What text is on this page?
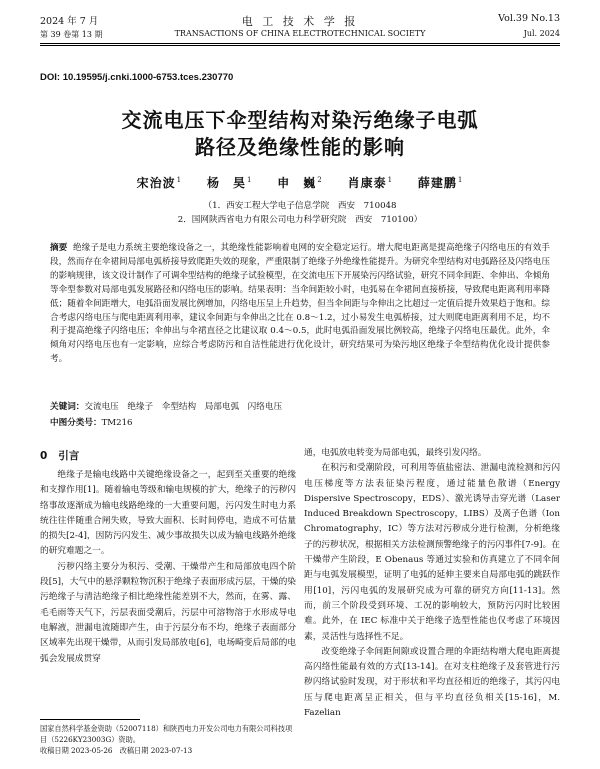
2024 年 7 月	电 工 技 术 学 报	Vol.39 No.13
第 39 卷第 13 期	TRANSACTIONS OF CHINA ELECTROTECHNICAL SOCIETY	Jul. 2024
DOI: 10.19595/j.cnki.1000-6753.tces.230770
交流电压下伞型结构对染污绝缘子电弧
路径及绝缘性能的影响
宋治波$^1$ 杨　昊$^1$ 申　巍$^2$ 肖康泰$^1$ 薛建鹏$^1$
（1．西安工程大学电子信息学院　西安　710048
2．国网陕西省电力有限公司电力科学研究院　西安　710100）
摘要 绝缘子是电力系统主要绝缘设备之一，其绝缘性能影响着电网的安全稳定运行。增大爬电距离是提高绝缘子闪络电压的有效手段，然而存在伞裙间局部电弧桥接导致爬距失效的现象，严重限制了绝缘子外绝缘性能提升。为研究伞型结构对电弧路径及闪络电压的影响规律，该文设计制作了可调伞型结构的绝缘子试验模型，在交流电压下开展染污闪络试验，研究不同伞间距、伞伸出、伞倾角等伞型参数对局部电弧发展路径和闪络电压的影响。结果表明：当伞间距较小时，电弧易在伞裙间直接桥接，导致爬电距离利用率降低；随着伞间距增大，电弧沿面发展比例增加，闪络电压呈上升趋势，但当伞间距与伞伸出之比超过一定值后提升效果趋于饱和。综合考虑闪络电压与爬电距离利用率，建议伞间距与伞伸出之比在 0.8～1.2，过小易发生电弧桥接，过大则爬电距离利用不足，均不利于提高绝缘子闪络电压；伞伸出与伞裙直径之比建议取 0.4～0.5，此时电弧沿面发展比例较高，绝缘子闪络电压最优。此外，伞倾角对闪络电压也有一定影响，应综合考虑防污和自洁性能进行优化设计，研究结果可为染污地区绝缘子伞型结构优化设计提供参考。
关键词：交流电压　绝缘子　伞型结构　局部电弧　闪络电压
中图分类号：TM216
0 引言

绝缘子是输电线路中关键绝缘设备之一，起到至关重要的绝缘和支撑作用[1]。随着输电等级和输电规模的扩大，绝缘子的污秽闪络事故逐渐成为输电线路绝缘的一大重要问题，污闪发生时电力系统往往伴随重合闸失败，导致大面积、长时间停电，造成不可估量的损失[2-4]，因防污闪发生、减少事故损失以成为输电线路外绝缘的研究难题之一。

污秽闪络主要分为积污、受潮、干燥带产生和局部放电四个阶段[5]，大气中的悬浮颗粒物沉积于绝缘子表面形成污层，干燥的染污绝缘子与清洁绝缘子相比绝缘性能差别不大，然而，在雾、露、毛毛雨等天气下，污层表面受潮后，污层中可溶物溶于水形成导电电解液，泄漏电流随即产生，由于污层分布不均，绝缘子表面部分区域率先出现干燥带，从而引发局部放电[6]，电场畸变后局部的电弧会发展成贯穿

通，电弧放电转变为局部电弧，最终引发闪络。

在积污和受潮阶段，可利用等值盐密法、泄漏电流检测和污闪电压梯度等方法表征染污程度，通过能量色散谱（Energy Dispersive Spectroscopy，EDS）、激光诱导击穿光谱（Laser Induced Breakdown Spectroscopy，LIBS）及离子色谱（Ion Chromatography，IC）等方法对污秽成分进行检测，分析绝缘子的污秽状况，根据相关方法检测预警绝缘子的污闪事件[7-9]。在干燥带产生阶段，E Obenaus 等通过实验和仿真建立了不同伞间距与电弧发展模型，证明了电弧的延伸主要来自局部电弧的跳跃作用[10]，污闪电弧的发展研究成为可靠的研究方向[11-13]。然而，前三个阶段受到环境、工况的影响较大，预防污闪时比较困难。此外，在 IEC 标准中关于绝缘子选型性能也仅考虑了环境因素，灵活性与选择性不足。

改变绝缘子伞间距间隙或设置合理的伞距结构增大爬电距离提高闪络性能最有效的方式[13-14]。在对支柱绝缘子及套管进行污秽闪络试验时发现，对于形状和平均直径相近的绝缘子，其污闪电压与爬电距离呈正相关，但与平均直径负相关[15-16]，M. Fazelian

国家自然科学基金资助（52007118）和陕西电力开发公司电力有限公司科技项目（5226KY23003G）资助。

收稿日期 2023-05-26　改稿日期 2023-07-13
